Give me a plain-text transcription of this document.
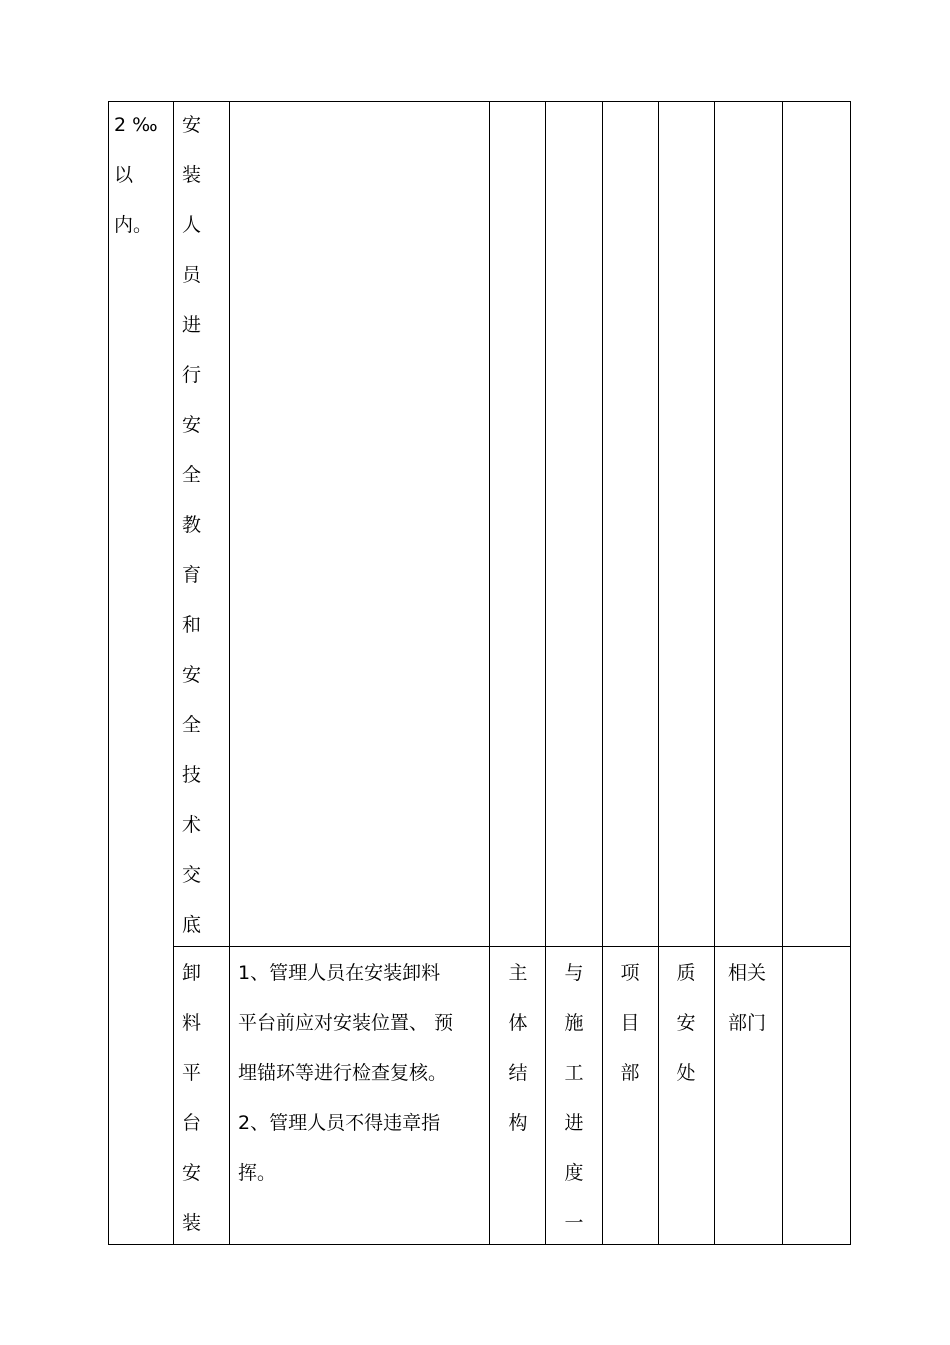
2 ‰
以
内。
安
装
人
员
进
行
安
全
教
育
和
安
全
技
术
交
底
卸
料
平
台
安
装
1、管理人员在安装卸料
平台前应对安装位置、 预
埋锚环等进行检查复核。
2、管理人员不得违章指
挥。
主
体
结
构
与
施
工
进
度
一
项
目
部
质
安
处
相关
部门
